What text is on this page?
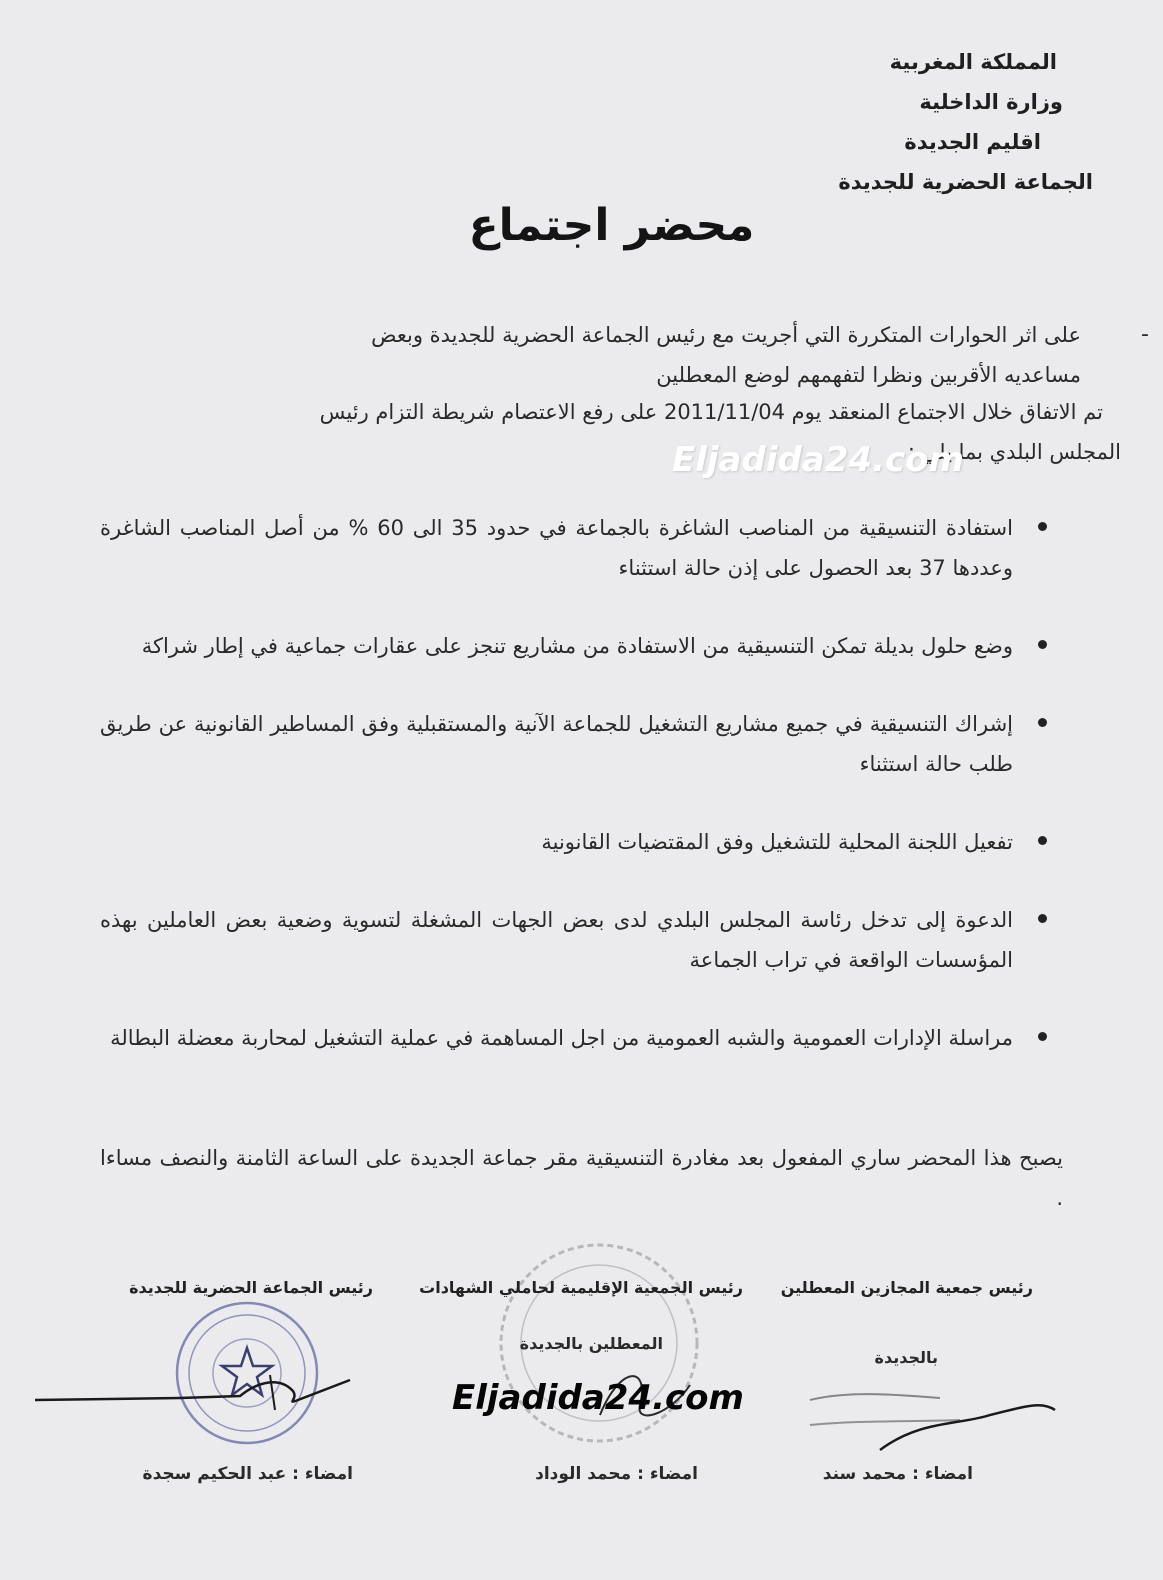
المملكة المغربية
وزارة الداخلية
اقليم الجديدة
الجماعة الحضرية للجديدة
محضر اجتماع
-
على اثر الحوارات المتكررة التي أجريت مع رئيس الجماعة الحضرية للجديدة وبعض
مساعديه الأقربين ونظرا لتفهمهم لوضع المعطلين
تم الاتفاق خلال الاجتماع المنعقد يوم 2011/11/04 على رفع الاعتصام شريطة التزام رئيس
المجلس البلدي بما يلي :
Eljadida24.com
استفادة التنسيقية من المناصب الشاغرة بالجماعة في حدود 35 الى 60 % من أصل المناصب الشاغرة وعددها 37 بعد الحصول على إذن حالة استثناء
وضع حلول بديلة تمكن التنسيقية من الاستفادة من مشاريع تنجز على عقارات جماعية في إطار شراكة
إشراك التنسيقية في جميع مشاريع التشغيل للجماعة الآنية والمستقبلية وفق المساطير القانونية عن طريق طلب حالة استثناء
تفعيل اللجنة المحلية للتشغيل وفق المقتضيات القانونية
الدعوة إلى تدخل رئاسة المجلس البلدي لدى بعض الجهات المشغلة لتسوية وضعية بعض العاملين بهذه المؤسسات الواقعة في تراب الجماعة
مراسلة الإدارات العمومية والشبه العمومية من اجل المساهمة في عملية التشغيل لمحاربة معضلة البطالة
يصبح هذا المحضر ساري المفعول بعد مغادرة التنسيقية مقر جماعة الجديدة على الساعة الثامنة والنصف مساءا .
رئيس جمعية المجازين المعطلين
رئيس الجمعية الإقليمية لحاملي الشهادات
رئيس الجماعة الحضرية للجديدة
بالجديدة
المعطلين بالجديدة
Eljadida24.com
امضاء : محمد سند
امضاء : محمد الوداد
امضاء : عبد الحكيم سجدة
